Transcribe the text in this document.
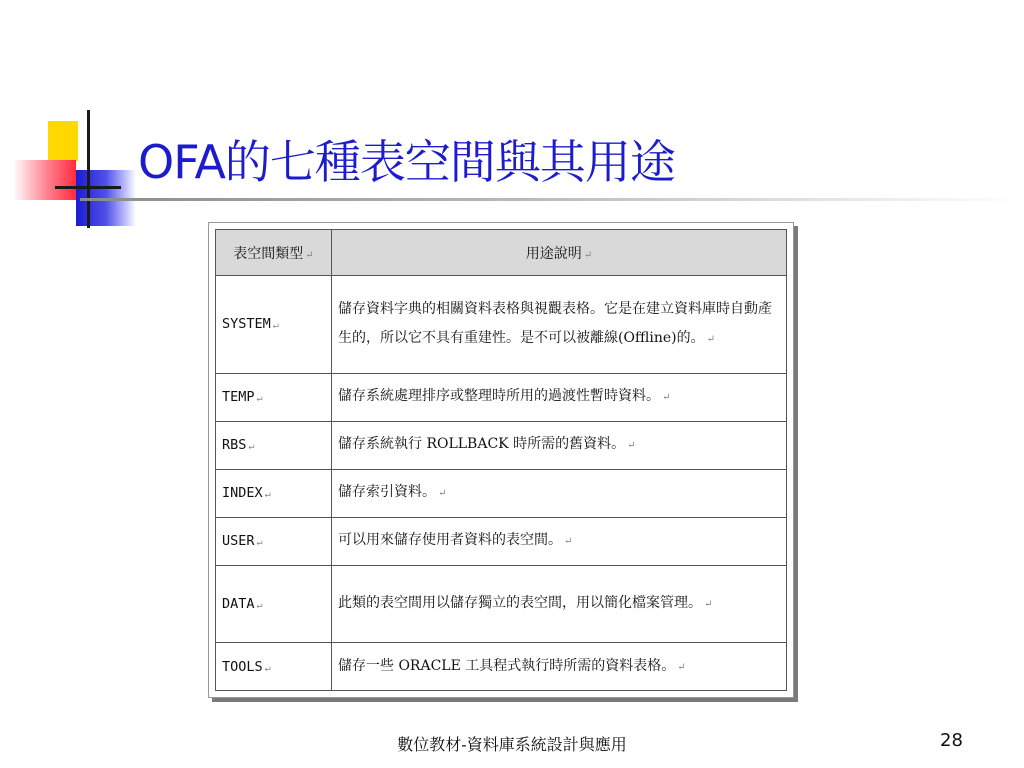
OFA的七種表空間與其用途
表空間類型 ↵	用途說明 ↵
SYSTEM ↵	儲存資料字典的相關資料表格與視觀表格。它是在建立資料庫時自動產生的，所以它不具有重建性。是不可以被離線(Offline)的。 ↵
TEMP ↵	儲存系統處理排序或整理時所用的過渡性暫時資料。 ↵
RBS ↵	儲存系統執行 ROLLBACK 時所需的舊資料。 ↵
INDEX ↵	儲存索引資料。 ↵
USER ↵	可以用來儲存使用者資料的表空間。 ↵
DATA ↵	此類的表空間用以儲存獨立的表空間，用以簡化檔案管理。 ↵
TOOLS ↵	儲存一些 ORACLE 工具程式執行時所需的資料表格。 ↵
數位教材-資料庫系統設計與應用	28
